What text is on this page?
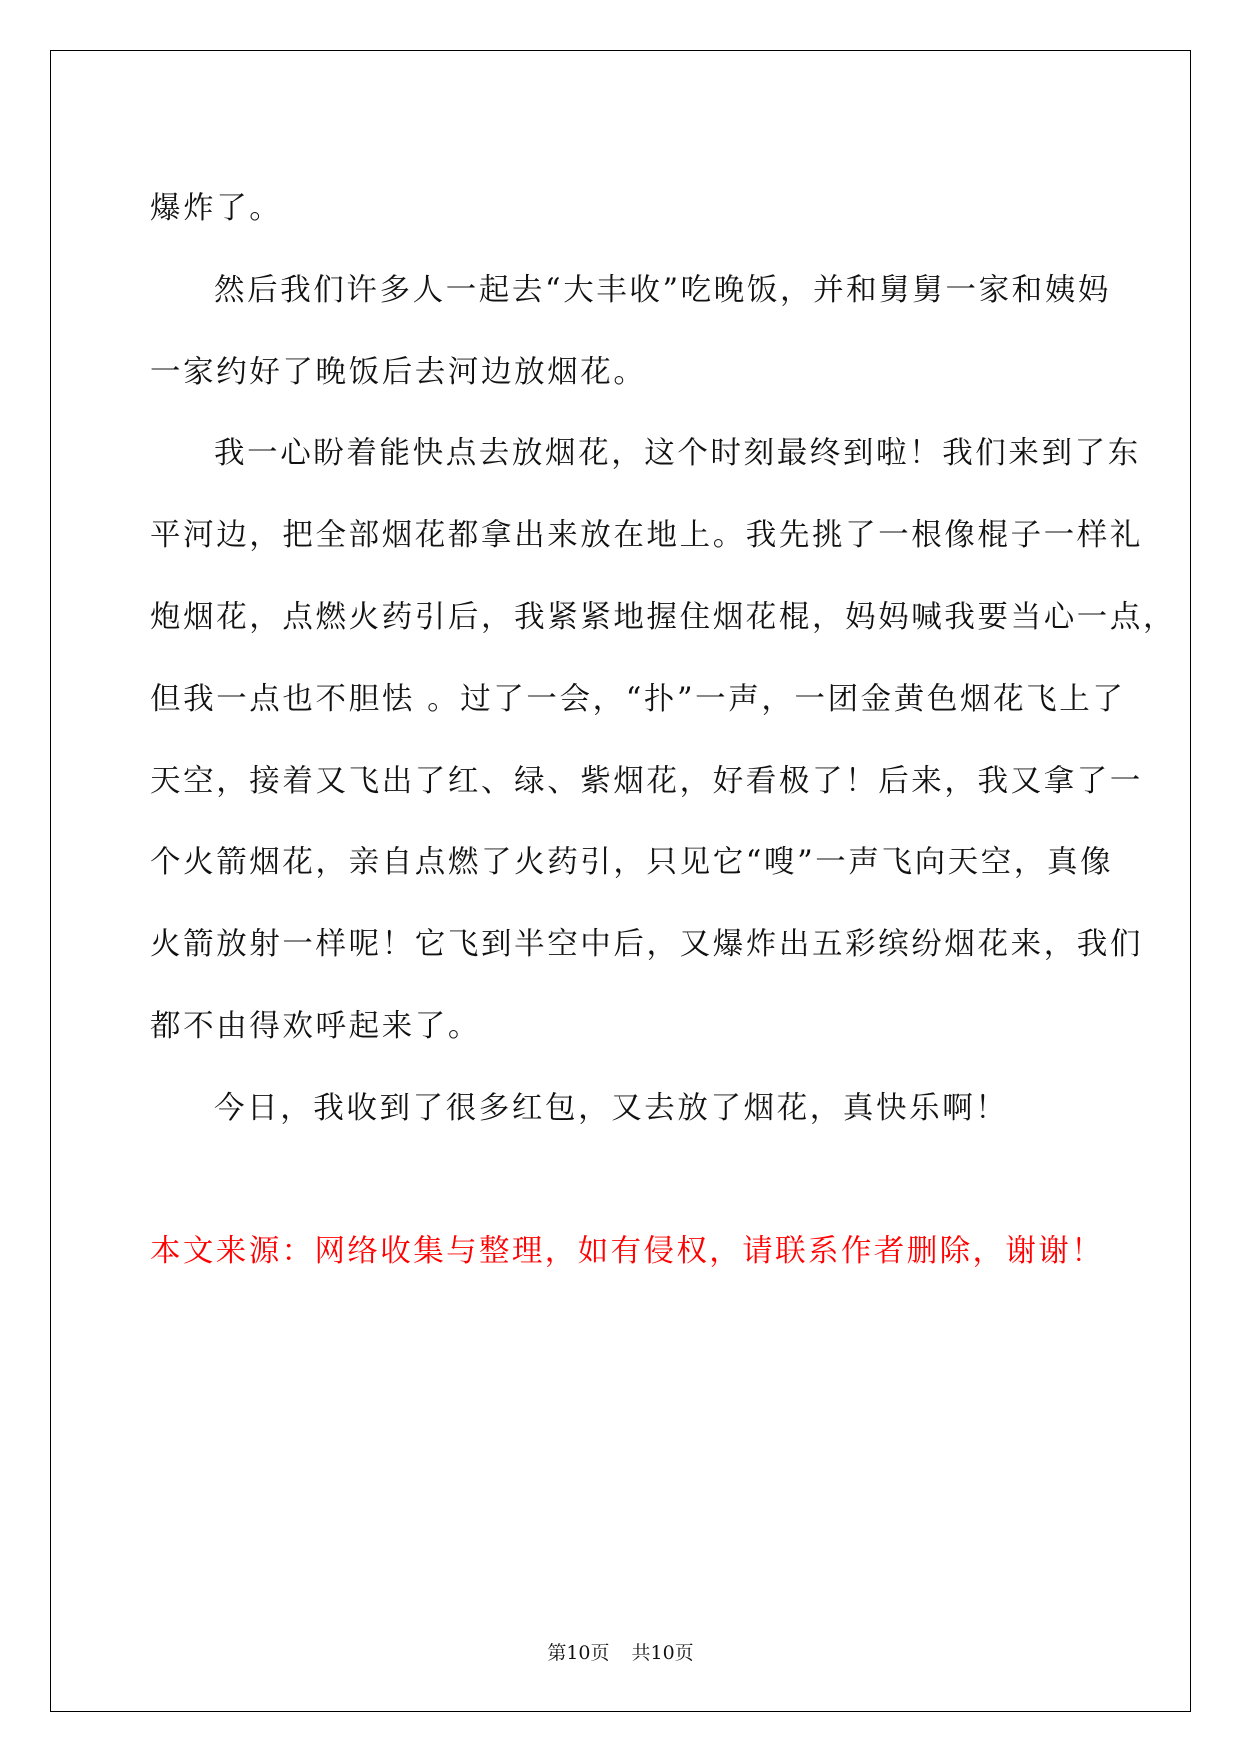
爆炸了。
然后我们许多人一起去“大丰收”吃晚饭，并和舅舅一家和姨妈
一家约好了晚饭后去河边放烟花。
我一心盼着能快点去放烟花，这个时刻最终到啦！我们来到了东
平河边，把全部烟花都拿出来放在地上。我先挑了一根像棍子一样礼
炮烟花，点燃火药引后，我紧紧地握住烟花棍，妈妈喊我要当心一点，
但我一点也不胆怯 。过了一会，“扑”一声，一团金黄色烟花飞上了
天空，接着又飞出了红、绿、紫烟花，好看极了！后来，我又拿了一
个火箭烟花，亲自点燃了火药引，只见它“嗖”一声飞向天空，真像
火箭放射一样呢！它飞到半空中后，又爆炸出五彩缤纷烟花来，我们
都不由得欢呼起来了。
今日，我收到了很多红包，又去放了烟花，真快乐啊！
本文来源：网络收集与整理，如有侵权，请联系作者删除，谢谢！
第10页 共10页
